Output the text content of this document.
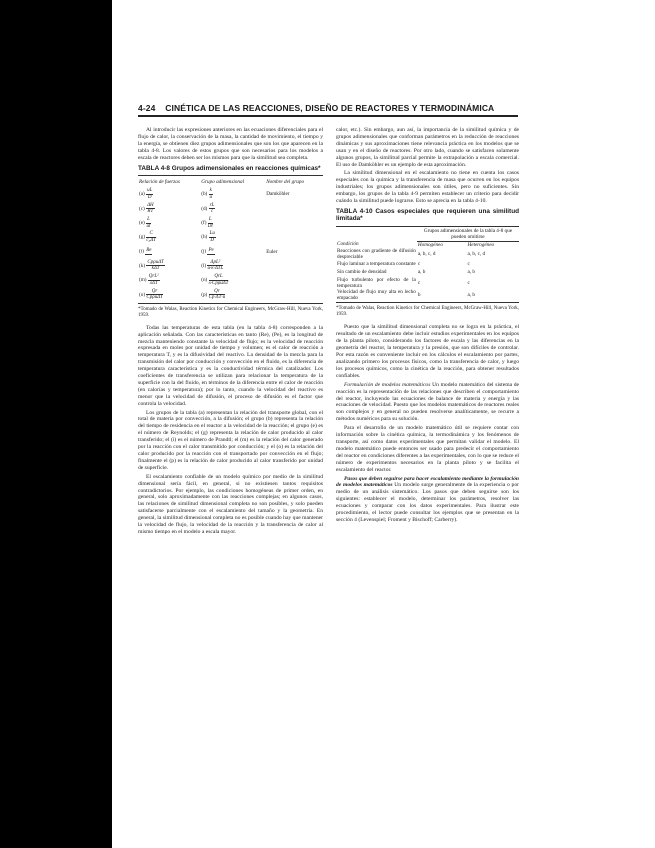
4-24 CINÉTICA DE LAS REACCIONES, DISEÑO DE REACTORES Y TERMODINÁMICA

Al introducir las expresiones anteriores en las ecuaciones diferenciales para el flujo de calor, la conservación de la masa, la cantidad de movimiento, el tiempo y la energía, se obtienen diez grupos adimensionales que son los que aparecen en la tabla 4-8. Los valores de estos grupos que son necesarios para los modelos a escala de reactores deben ser los mismos para que la similitud sea completa.

TABLA 4-8 Grupos adimensionales en reacciones químicas*
Relación de fuerzas	Grupo adimensional	Nombre del grupo
$(a) \frac{uL}{D}$	$(b) \frac{k}{u}$	Damköhler
$(c) \frac{\Delta H}{RT}$	$(d) \frac{rL}{c}$

$(e) \frac{L}{ut}$	$(f) \frac{L}{Dt}$

$(g) \frac{C}{\text{c₀ΔT}}$	$(h) \frac{Lu}{D}$

(i) Re	(j) Pe	Euler
$(k) \frac{\text{CpρuΔT}}{\text{kΔT}}$	$(l) \frac{\text{ΔpL²}}{\text{u·κ·ΔTL}}$

$(m) \frac{\text{QrL²}}{\text{λΔT}}$	$(n) \frac{\text{QrL}}{\text{λ·CpρuΔT}}$

$(o) \frac{Qr}{\text{CpρuΔT}}$	$(p) \frac{Qr}{Cp\cdot\Delta T\cdot u}$

*Tomado de Walas, Reaction Kinetics for Chemical Engineers, McGraw-Hill, Nueva York, 1959.

Todas las temperaturas de esta tabla (en la tabla 4-8) corresponden a la aplicación señalada. Con las características en tanto (Re), (Pe), es la longitud de mezcla manteniendo constante la velocidad de flujo; es la velocidad de reacción expresada en moles por unidad de tiempo y volumen; es el calor de reacción a temperatura T, y es la difusividad del reactivo. La densidad de la mezcla para la transmisión del calor por conducción y convección en el fluido, es la diferencia de temperatura característica y es la conductividad térmica del catalizador. Los coeficientes de transferencia se utilizan para relacionar la temperatura de la superficie con la del fluido, en términos de la diferencia entre el calor de reacción (en calorías y temperatura); por lo tanto, cuando la velocidad del reactivo es menor que la velocidad de difusión, el proceso de difusión es el factor que controla la velocidad.

Los grupos de la tabla (a) representan la relación del transporte global, con el total de materia por convección, a la difusión; el grupo (b) representa la relación del tiempo de residencia en el reactor a la velocidad de la reacción; el grupo (e) es el número de Reynolds; el (g) representa la relación de calor producido al calor transferido; el (i) es el número de Prandtl; el (m) es la relación del calor generado por la reacción con el calor transmitido por conducción; y el (o) es la relación del calor producido por la reacción con el transportado por convección en el flujo; finalmente el (p) es la relación de calor producido al calor transferido por unidad de superficie.

El escalamiento confiable de un modelo químico por medio de la similitud dimensional sería fácil, en general, si no existiesen tantos requisitos contradictorios. Por ejemplo, las condiciones homogéneas de primer orden, en general, solo aproximadamente con las reacciones complejas; en algunos casos, las relaciones de similitud dimensional completa no son posibles, y solo pueden satisfacerse parcialmente con el escalamiento del tamaño y la geometría. En general, la similitud dimensional completa no es posible cuando hay que mantener la velocidad de flujo, la velocidad de la reacción y la transferencia de calor al mismo tiempo en el modelo a escala mayor.

calor, etc.). Sin embargo, aun así, la importancia de la similitud química y de grupos adimensionales que conforman parámetros en la reducción de reacciones dinámicas y sus aproximaciones tiene relevancia práctica en los modelos que se usan y en el diseño de reactores. Por otro lado, cuando se satisfacen solamente algunos grupos, la similitud parcial permite la extrapolación a escala comercial. El uso de Damköhler es un ejemplo de esta aproximación.

La similitud dimensional en el escalamiento no tiene en cuenta los casos especiales con la química y la transferencia de masa que ocurren en los equipos industriales; los grupos adimensionales son útiles, pero no suficientes. Sin embargo, los grupos de la tabla 4-9 permiten establecer un criterio para decidir cuándo la similitud puede lograrse. Esto se aprecia en la tabla 4-10.

TABLA 4-10 Casos especiales que requieren una similitud limitada*
	Grupos adimensionales de la tabla 4-8 que pueden omitirse	
Condición	Homogéneo	Heterogéneo
Reacciones con gradiente de difusión despreciable	a, b, c, d	a, b, c, d
Flujo laminar a temperatura constante	c	c
Sin cambio de densidad	a, b	a, b
Flujo turbulento por efecto de la temperatura	c	c
Velocidad de flujo muy alta en lecho empacado	b	a, b
*Tomado de Walas, Reaction Kinetics for Chemical Engineers, McGraw-Hill, Nueva York, 1959.

Puesto que la similitud dimensional completa no se logra en la práctica, el resultado de un escalamiento debe incluir estudios experimentales en los equipos de la planta piloto, considerando los factores de escala y las diferencias en la geometría del reactor, la temperatura y la presión, que son difíciles de controlar. Por esta razón es conveniente incluir en los cálculos el escalamiento por partes, analizando primero los procesos físicos, como la transferencia de calor, y luego los procesos químicos, como la cinética de la reacción, para obtener resultados confiables.

Formulación de modelos matemáticos Un modelo matemático del sistema de reacción es la representación de las relaciones que describen el comportamiento del reactor, incluyendo las ecuaciones de balance de materia y energía y las ecuaciones de velocidad. Puesto que los modelos matemáticos de reactores reales son complejos y en general no pueden resolverse analíticamente, se recurre a métodos numéricos para su solución.

Para el desarrollo de un modelo matemático útil se requiere contar con información sobre la cinética química, la termodinámica y los fenómenos de transporte, así como datos experimentales que permitan validar el modelo. El modelo matemático puede entonces ser usado para predecir el comportamiento del reactor en condiciones diferentes a las experimentales, con lo que se reduce el número de experimentos necesarios en la planta piloto y se facilita el escalamiento del reactor.

Pasos que deben seguirse para hacer escalamiento mediante la formulación de modelos matemáticos Un modelo surge generalmente de la experiencia o por medio de un análisis sistemático. Los pasos que deben seguirse son los siguientes: establecer el modelo, determinar los parámetros, resolver las ecuaciones y comparar con los datos experimentales. Para ilustrar este procedimiento, el lector puede consultar los ejemplos que se presentan en la sección 4 (Levenspiel; Froment y Bischoff; Carberry).
